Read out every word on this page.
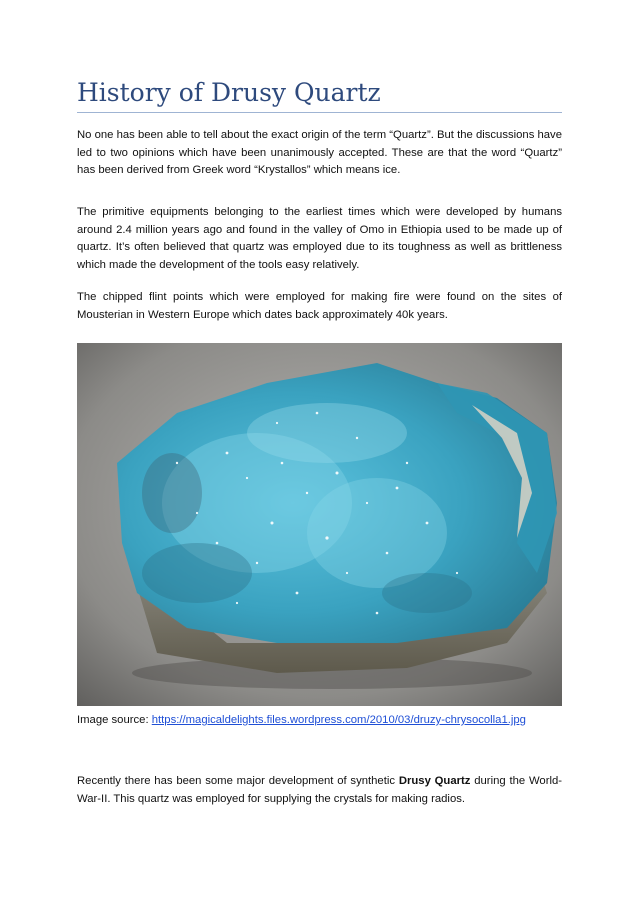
History of Drusy Quartz

No one has been able to tell about the exact origin of the term “Quartz”. But the discussions have led to two opinions which have been unanimously accepted. These are that the word “Quartz” has been derived from Greek word “Krystallos” which means ice.

The primitive equipments belonging to the earliest times which were developed by humans around 2.4 million years ago and found in the valley of Omo in Ethiopia used to be made up of quartz. It’s often believed that quartz was employed due to its toughness as well as brittleness which made the development of the tools easy relatively.

The chipped flint points which were employed for making fire were found on the sites of Mousterian in Western Europe which dates back approximately 40k years.

Image source: https://magicaldelights.files.wordpress.com/2010/03/druzy-chrysocolla1.jpg

Recently there has been some major development of synthetic Drusy Quartz during the World-War-II. This quartz was employed for supplying the crystals for making radios.
